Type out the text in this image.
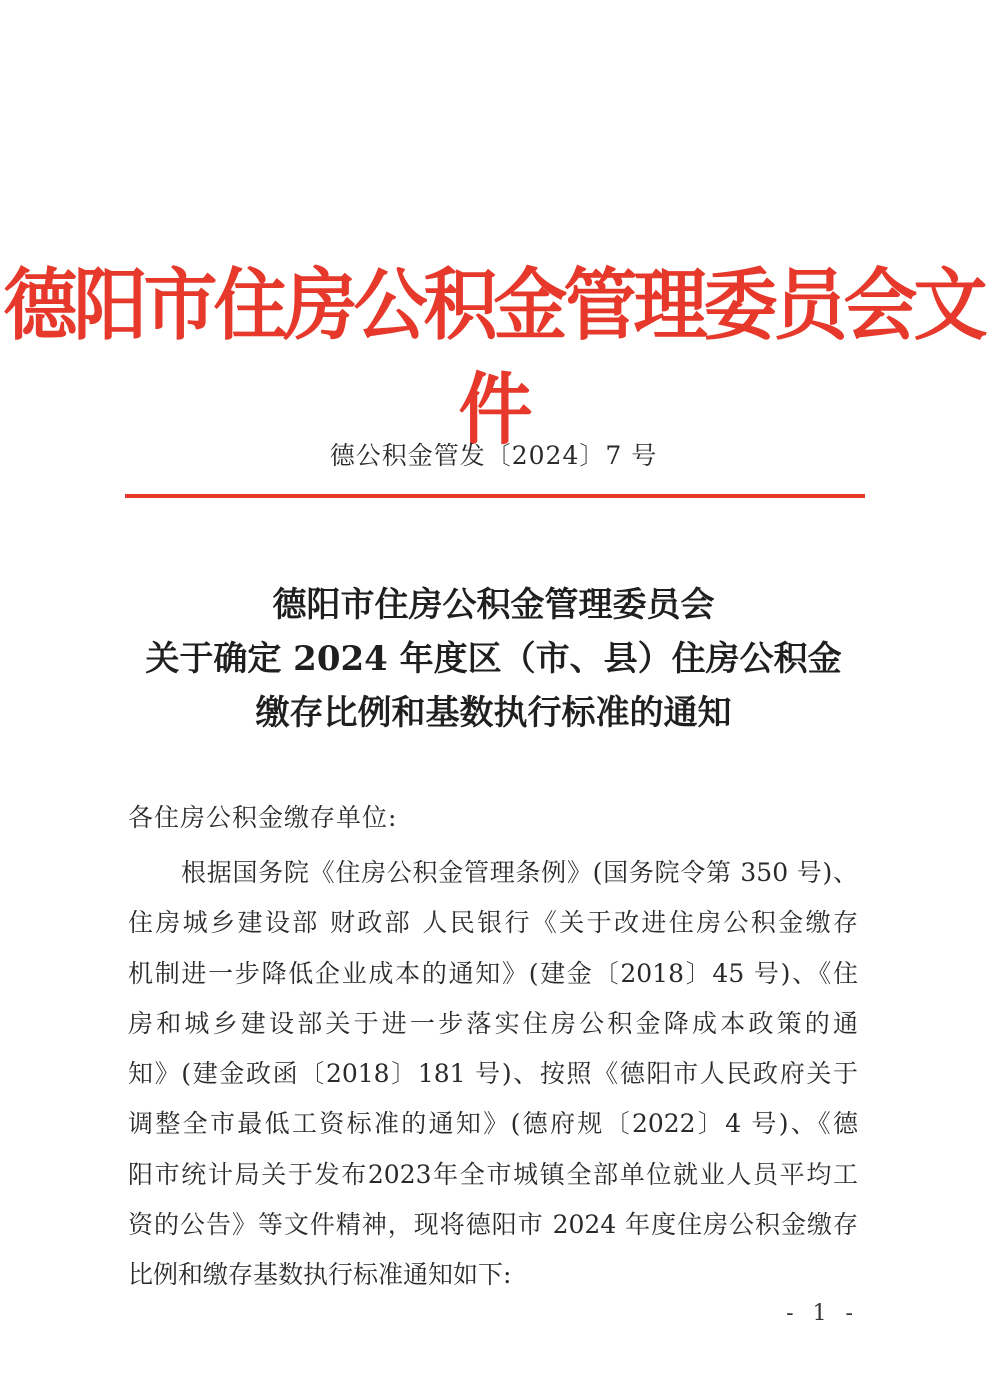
德阳市住房公积金管理委员会文件
德公积金管发〔2024〕7 号
德阳市住房公积金管理委员会
关于确定 2024 年度区（市、县）住房公积金
缴存比例和基数执行标准的通知
各住房公积金缴存单位:
根据国务院《住房公积金管理条例》(国务院令第 350 号)、
住房城乡建设部 财政部 人民银行《关于改进住房公积金缴存
机制进一步降低企业成本的通知》(建金〔2018〕45 号)、《住
房和城乡建设部关于进一步落实住房公积金降成本政策的通
知》(建金政函〔2018〕181 号)、按照《德阳市人民政府关于
调整全市最低工资标准的通知》(德府规〔2022〕4 号)、《德
阳市统计局关于发布2023年全市城镇全部单位就业人员平均工
资的公告》等文件精神，现将德阳市 2024 年度住房公积金缴存
比例和缴存基数执行标准通知如下:
- 1 -
